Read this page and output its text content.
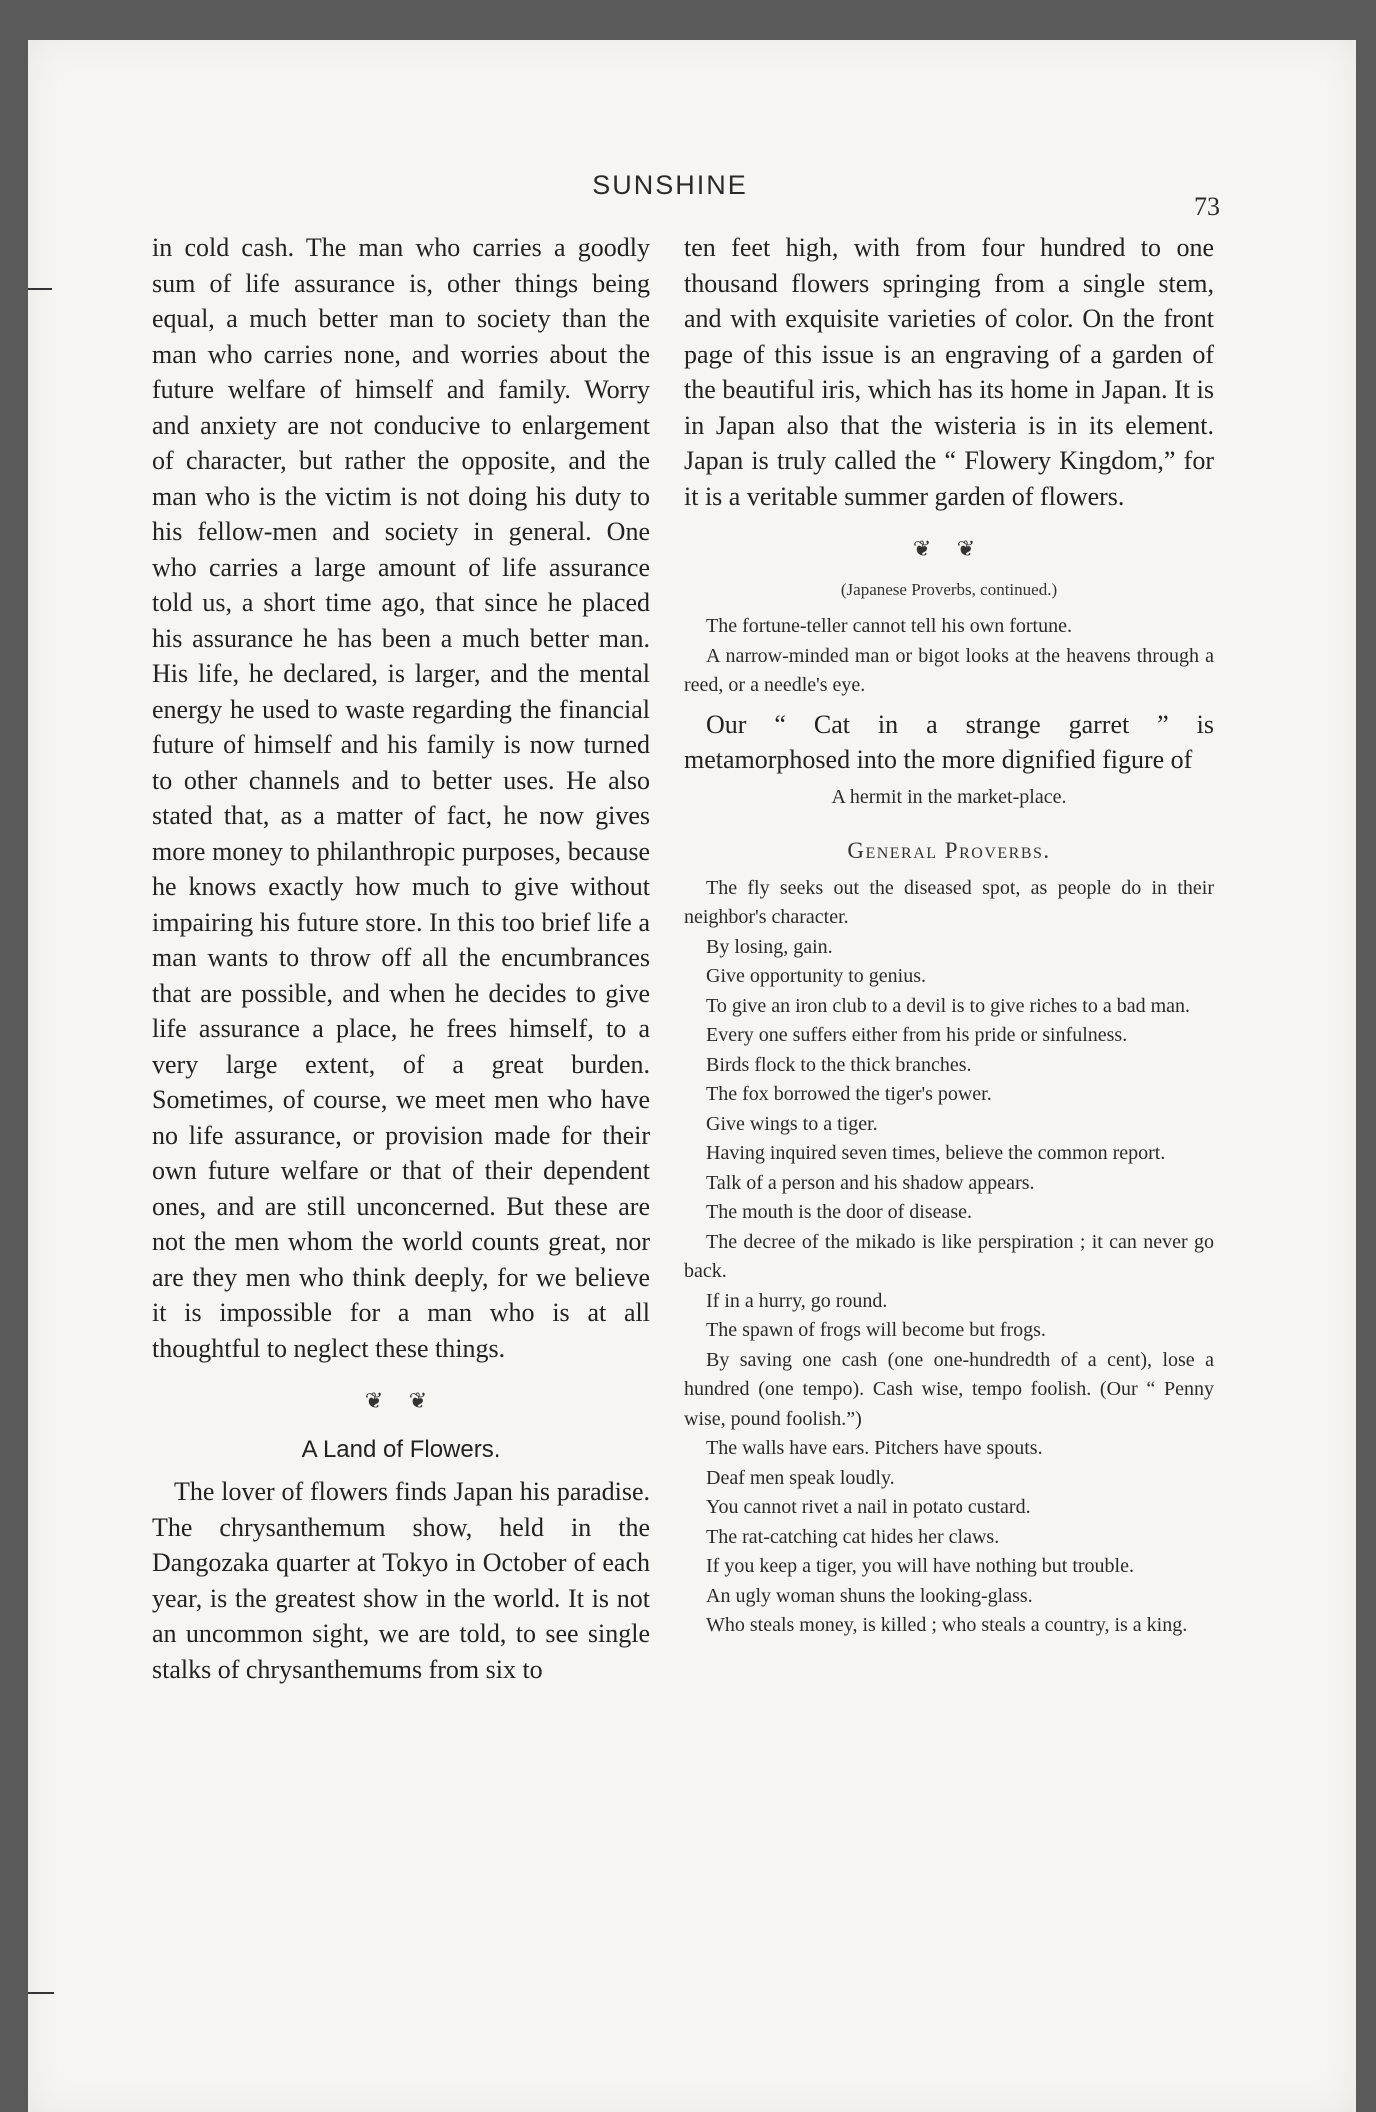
SUNSHINE
73

in cold cash. The man who carries a goodly sum of life assurance is, other things being equal, a much better man to society than the man who carries none, and worries about the future welfare of himself and family. Worry and anxiety are not conducive to enlargement of character, but rather the opposite, and the man who is the victim is not doing his duty to his fellow-men and society in general. One who carries a large amount of life assurance told us, a short time ago, that since he placed his assurance he has been a much better man. His life, he declared, is larger, and the mental energy he used to waste regarding the financial future of himself and his family is now turned to other channels and to better uses. He also stated that, as a matter of fact, he now gives more money to philanthropic purposes, because he knows exactly how much to give without impairing his future store. In this too brief life a man wants to throw off all the encumbrances that are possible, and when he decides to give life assurance a place, he frees himself, to a very large extent, of a great burden. Sometimes, of course, we meet men who have no life assurance, or provision made for their own future welfare or that of their dependent ones, and are still unconcerned. But these are not the men whom the world counts great, nor are they men who think deeply, for we believe it is impossible for a man who is at all thoughtful to neglect these things.

❦ ❦
A Land of Flowers.

The lover of flowers finds Japan his paradise. The chrysanthemum show, held in the Dangozaka quarter at Tokyo in October of each year, is the greatest show in the world. It is not an uncommon sight, we are told, to see single stalks of chrysanthemums from six to

ten feet high, with from four hundred to one thousand flowers springing from a single stem, and with exquisite varieties of color. On the front page of this issue is an engraving of a garden of the beautiful iris, which has its home in Japan. It is in Japan also that the wisteria is in its element. Japan is truly called the “ Flowery Kingdom,” for it is a veritable summer garden of flowers.

❦ ❦
(Japanese Proverbs, continued.)

The fortune-teller cannot tell his own fortune.

A narrow-minded man or bigot looks at the heavens through a reed, or a needle's eye.

Our “ Cat in a strange garret ” is metamorphosed into the more dignified figure of

A hermit in the market-place.
General Proverbs.

The fly seeks out the diseased spot, as people do in their neighbor's character.

By losing, gain.

Give opportunity to genius.

To give an iron club to a devil is to give riches to a bad man.

Every one suffers either from his pride or sinfulness.

Birds flock to the thick branches.

The fox borrowed the tiger's power.

Give wings to a tiger.

Having inquired seven times, believe the common report.

Talk of a person and his shadow appears.

The mouth is the door of disease.

The decree of the mikado is like perspiration ; it can never go back.

If in a hurry, go round.

The spawn of frogs will become but frogs.

By saving one cash (one one-hundredth of a cent), lose a hundred (one tempo). Cash wise, tempo foolish. (Our “ Penny wise, pound foolish.”)

The walls have ears. Pitchers have spouts.

Deaf men speak loudly.

You cannot rivet a nail in potato custard.

The rat-catching cat hides her claws.

If you keep a tiger, you will have nothing but trouble.

An ugly woman shuns the looking-glass.

Who steals money, is killed ; who steals a country, is a king.
